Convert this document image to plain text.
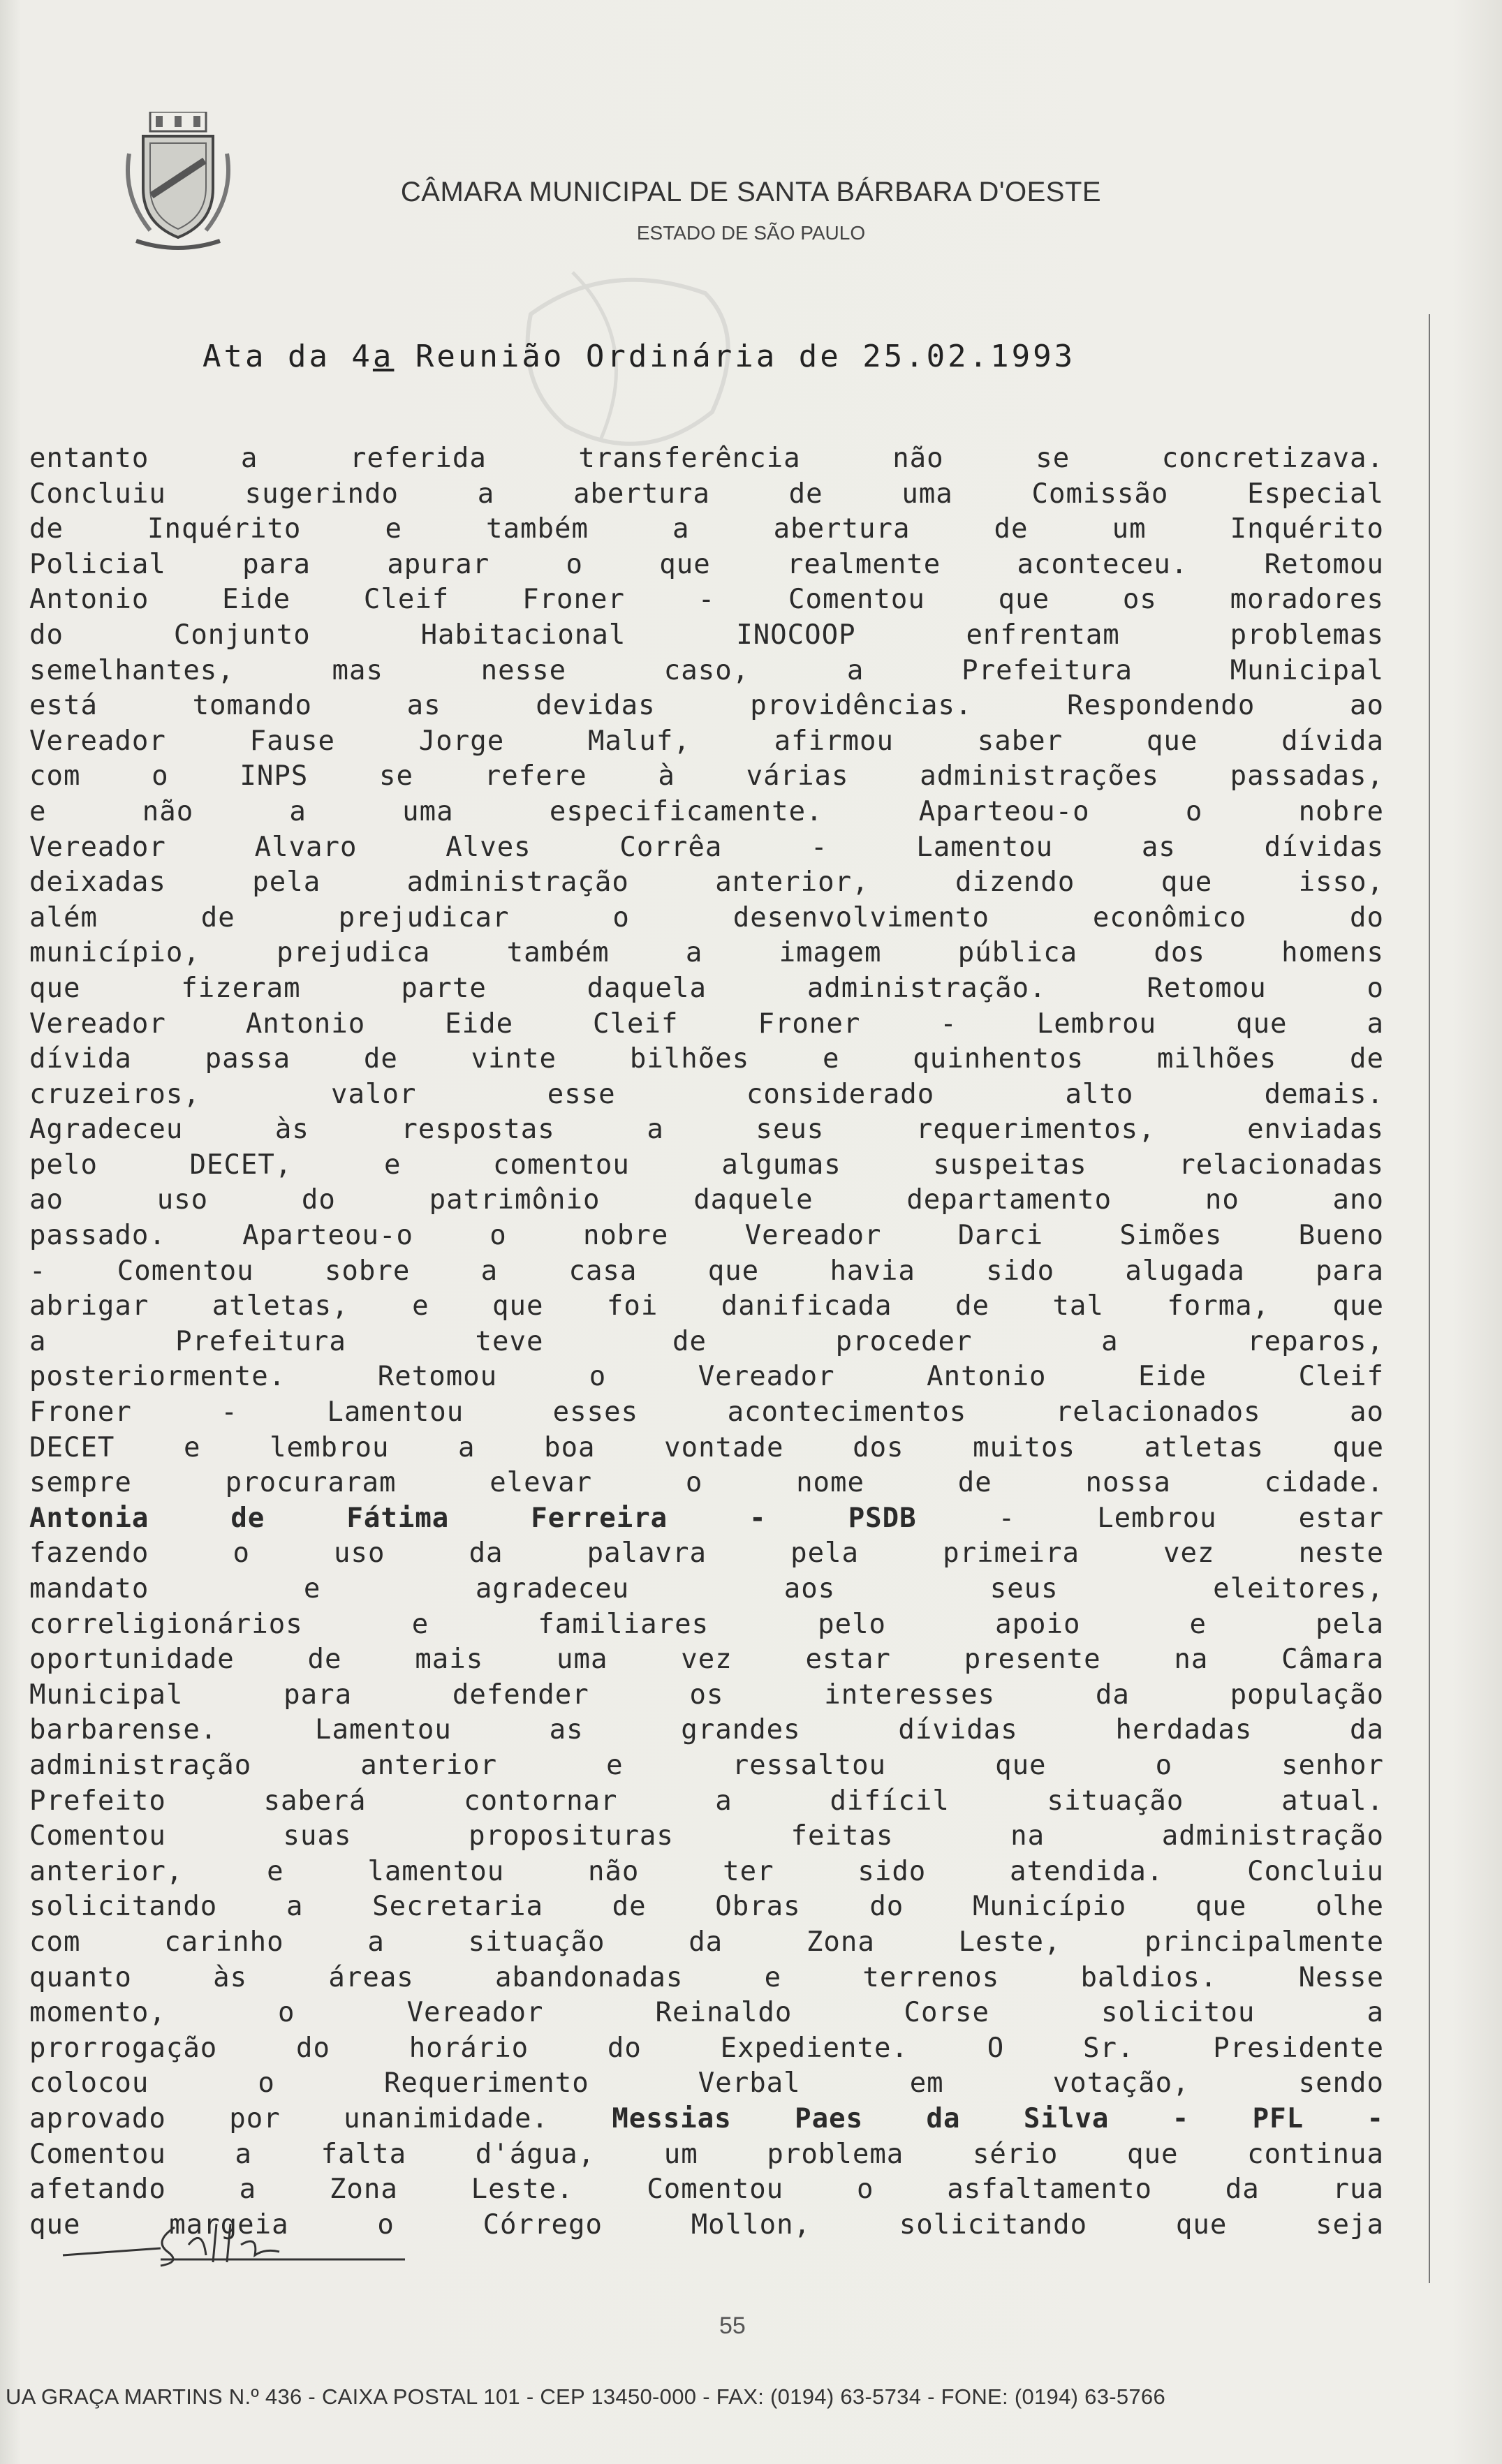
CÂMARA MUNICIPAL DE SANTA BÁRBARA D'OESTE
ESTADO DE SÃO PAULO
Ata da 4a Reunião Ordinária de 25.02.1993
entanto a referida transferência não se concretizava.
Concluiu sugerindo a abertura de uma Comissão Especial
de Inquérito e também a abertura de um Inquérito
Policial para apurar o que realmente aconteceu. Retomou
Antonio Eide Cleif Froner - Comentou que os moradores
do Conjunto Habitacional INOCOOP enfrentam problemas
semelhantes, mas nesse caso, a Prefeitura Municipal
está tomando as devidas providências. Respondendo ao
Vereador Fause Jorge Maluf, afirmou saber que dívida
com o INPS se refere à várias administrações passadas,
e não a uma especificamente. Aparteou-o o nobre
Vereador Alvaro Alves Corrêa - Lamentou as dívidas
deixadas pela administração anterior, dizendo que isso,
além de prejudicar o desenvolvimento econômico do
município, prejudica também a imagem pública dos homens
que fizeram parte daquela administração. Retomou o
Vereador Antonio Eide Cleif Froner - Lembrou que a
dívida passa de vinte bilhões e quinhentos milhões de
cruzeiros, valor esse considerado alto demais.
Agradeceu às respostas a seus requerimentos, enviadas
pelo DECET, e comentou algumas suspeitas relacionadas
ao uso do patrimônio daquele departamento no ano
passado. Aparteou-o o nobre Vereador Darci Simões Bueno
- Comentou sobre a casa que havia sido alugada para
abrigar atletas, e que foi danificada de tal forma, que
a Prefeitura teve de proceder a reparos,
posteriormente. Retomou o Vereador Antonio Eide Cleif
Froner - Lamentou esses acontecimentos relacionados ao
DECET e lembrou a boa vontade dos muitos atletas que
sempre procuraram elevar o nome de nossa cidade.
Antonia de Fátima Ferreira - PSDB - Lembrou estar
fazendo o uso da palavra pela primeira vez neste
mandato e agradeceu aos seus eleitores,
correligionários e familiares pelo apoio e pela
oportunidade de mais uma vez estar presente na Câmara
Municipal para defender os interesses da população
barbarense. Lamentou as grandes dívidas herdadas da
administração anterior e ressaltou que o senhor
Prefeito saberá contornar a difícil situação atual.
Comentou suas proposituras feitas na administração
anterior, e lamentou não ter sido atendida. Concluiu
solicitando a Secretaria de Obras do Município que olhe
com carinho a situação da Zona Leste, principalmente
quanto às áreas abandonadas e terrenos baldios. Nesse
momento, o Vereador Reinaldo Corse solicitou a
prorrogação do horário do Expediente. O Sr. Presidente
colocou o Requerimento Verbal em votação, sendo
aprovado por unanimidade. Messias Paes da Silva - PFL -
Comentou a falta d'água, um problema sério que continua
afetando a Zona Leste. Comentou o asfaltamento da rua
que margeia o Córrego Mollon, solicitando que seja
55
UA GRAÇA MARTINS N.º 436 - CAIXA POSTAL 101 - CEP 13450-000 - FAX: (0194) 63-5734 - FONE: (0194) 63-5766
